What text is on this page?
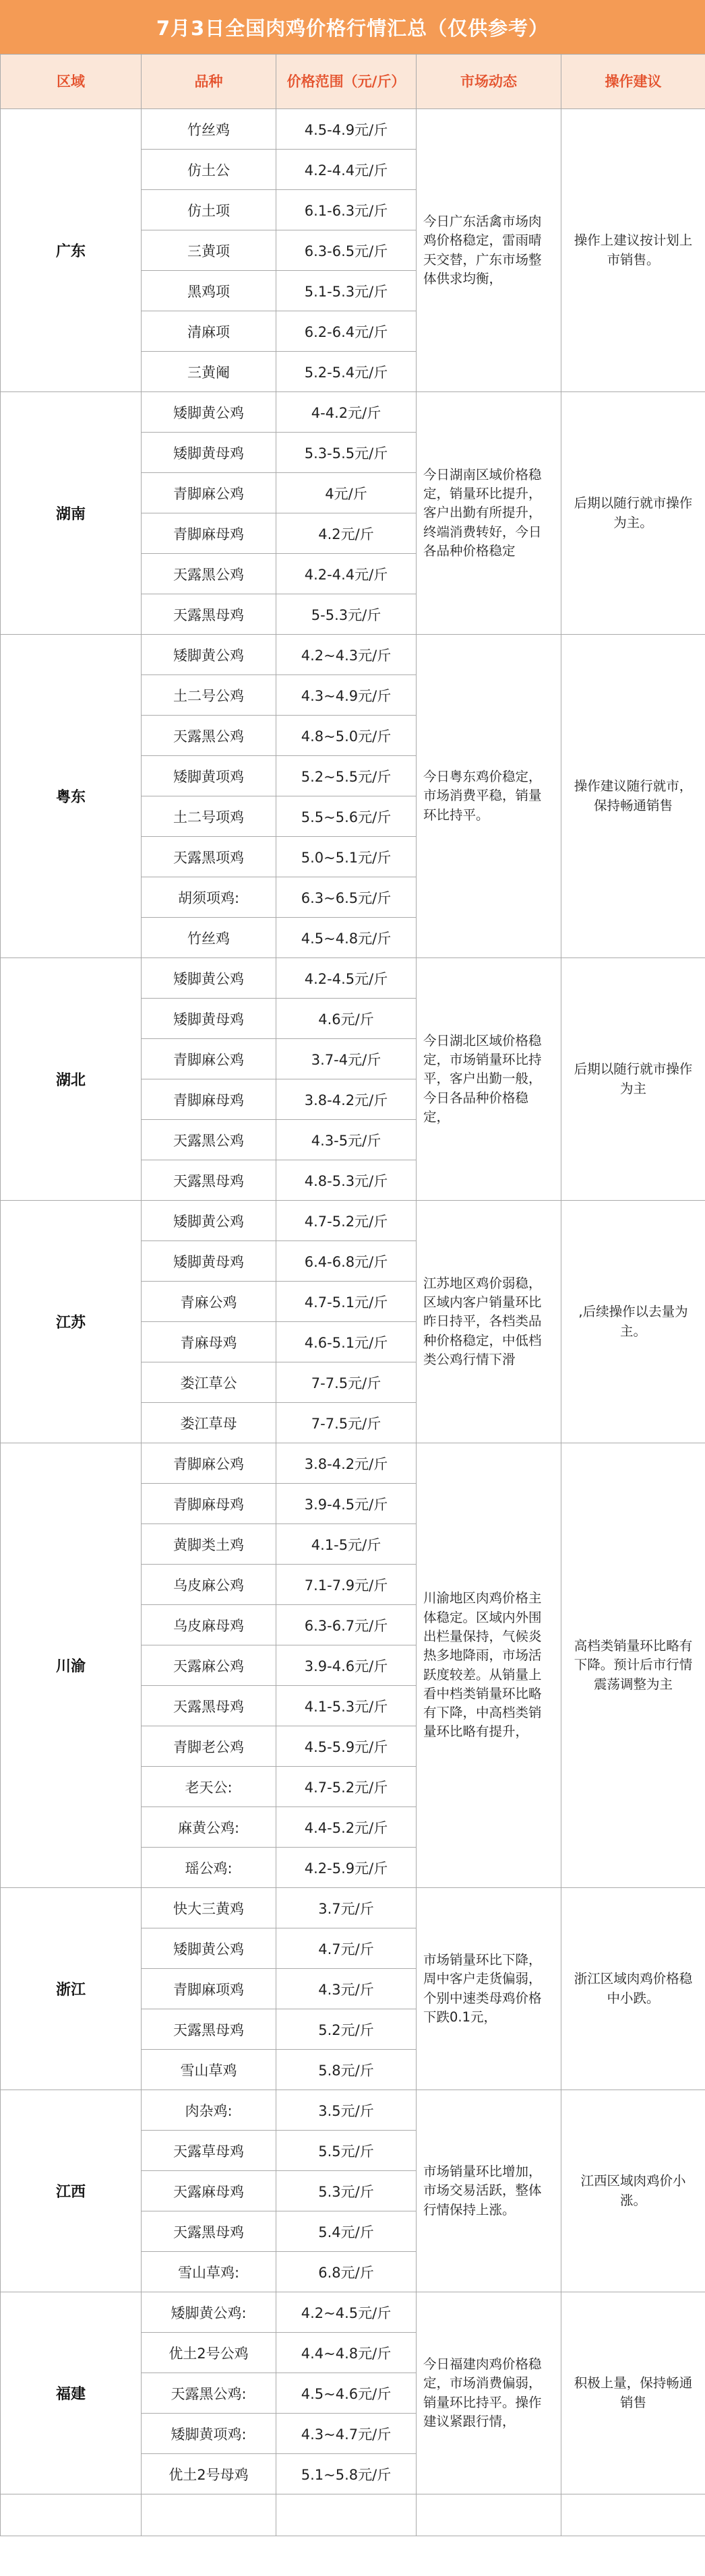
7月3日全国肉鸡价格行情汇总（仅供参考）
区域	品种	价格范围（元/斤）	市场动态	操作建议
广东	竹丝鸡	4.5-4.9元/斤	今日广东活禽市场肉鸡价格稳定，雷雨晴天交替，广东市场整体供求均衡，	操作上建议按计划上市销售。
	仿土公	4.2-4.4元/斤		
	仿土项	6.1-6.3元/斤		
	三黄项	6.3-6.5元/斤		
	黑鸡项	5.1-5.3元/斤		
	清麻项	6.2-6.4元/斤		
	三黄阉	5.2-5.4元/斤		
湖南	矮脚黄公鸡	4-4.2元/斤	今日湖南区域价格稳定，销量环比提升，客户出勤有所提升，终端消费转好，今日各品种价格稳定	后期以随行就市操作为主。
	矮脚黄母鸡	5.3-5.5元/斤		
	青脚麻公鸡	4元/斤		
	青脚麻母鸡	4.2元/斤		
	天露黑公鸡	4.2-4.4元/斤		
	天露黑母鸡	5-5.3元/斤		
粤东	矮脚黄公鸡	4.2~4.3元/斤	今日粤东鸡价稳定，市场消费平稳，销量环比持平。	操作建议随行就市，保持畅通销售
	土二号公鸡	4.3~4.9元/斤		
	天露黑公鸡	4.8~5.0元/斤		
	矮脚黄项鸡	5.2~5.5元/斤		
	土二号项鸡	5.5~5.6元/斤		
	天露黑项鸡	5.0~5.1元/斤		
	胡须项鸡:	6.3~6.5元/斤		
	竹丝鸡	4.5~4.8元/斤		
湖北	矮脚黄公鸡	4.2-4.5元/斤	今日湖北区域价格稳定，市场销量环比持平，客户出勤一般，今日各品种价格稳定，	后期以随行就市操作为主
	矮脚黄母鸡	4.6元/斤		
	青脚麻公鸡	3.7-4元/斤		
	青脚麻母鸡	3.8-4.2元/斤		
	天露黑公鸡	4.3-5元/斤		
	天露黑母鸡	4.8-5.3元/斤		
江苏	矮脚黄公鸡	4.7-5.2元/斤	江苏地区鸡价弱稳，区域内客户销量环比昨日持平，各档类品种价格稳定，中低档类公鸡行情下滑	,后续操作以去量为主。
	矮脚黄母鸡	6.4-6.8元/斤		
	青麻公鸡	4.7-5.1元/斤		
	青麻母鸡	4.6-5.1元/斤		
	娄江草公	7-7.5元/斤		
	娄江草母	7-7.5元/斤		
川渝	青脚麻公鸡	3.8-4.2元/斤	川渝地区肉鸡价格主体稳定。区域内外围出栏量保持，气候炎热多地降雨，市场活跃度较差。从销量上看中档类销量环比略有下降，中高档类销量环比略有提升，	高档类销量环比略有下降。预计后市行情震荡调整为主
	青脚麻母鸡	3.9-4.5元/斤		
	黄脚类土鸡	4.1-5元/斤		
	乌皮麻公鸡	7.1-7.9元/斤		
	乌皮麻母鸡	6.3-6.7元/斤		
	天露麻公鸡	3.9-4.6元/斤		
	天露黑母鸡	4.1-5.3元/斤		
	青脚老公鸡	4.5-5.9元/斤		
	老天公:	4.7-5.2元/斤		
	麻黄公鸡:	4.4-5.2元/斤		
	瑶公鸡:	4.2-5.9元/斤		
浙江	快大三黄鸡	3.7元/斤	市场销量环比下降，周中客户走货偏弱，个别中速类母鸡价格下跌0.1元，	浙江区域肉鸡价格稳中小跌。
	矮脚黄公鸡	4.7元/斤		
	青脚麻项鸡	4.3元/斤		
	天露黑母鸡	5.2元/斤		
	雪山草鸡	5.8元/斤		
江西	肉杂鸡:	3.5元/斤	市场销量环比增加，市场交易活跃，整体行情保持上涨。	江西区域肉鸡价小涨。
	天露草母鸡	5.5元/斤		
	天露麻母鸡	5.3元/斤		
	天露黑母鸡	5.4元/斤		
	雪山草鸡:	6.8元/斤		
福建	矮脚黄公鸡:	4.2~4.5元/斤	今日福建肉鸡价格稳定，市场消费偏弱，销量环比持平。操作建议紧跟行情，	积极上量，保持畅通销售
	优土2号公鸡	4.4~4.8元/斤		
	天露黑公鸡:	4.5~4.6元/斤		
	矮脚黄项鸡:	4.3~4.7元/斤		
	优土2号母鸡	5.1~5.8元/斤		
